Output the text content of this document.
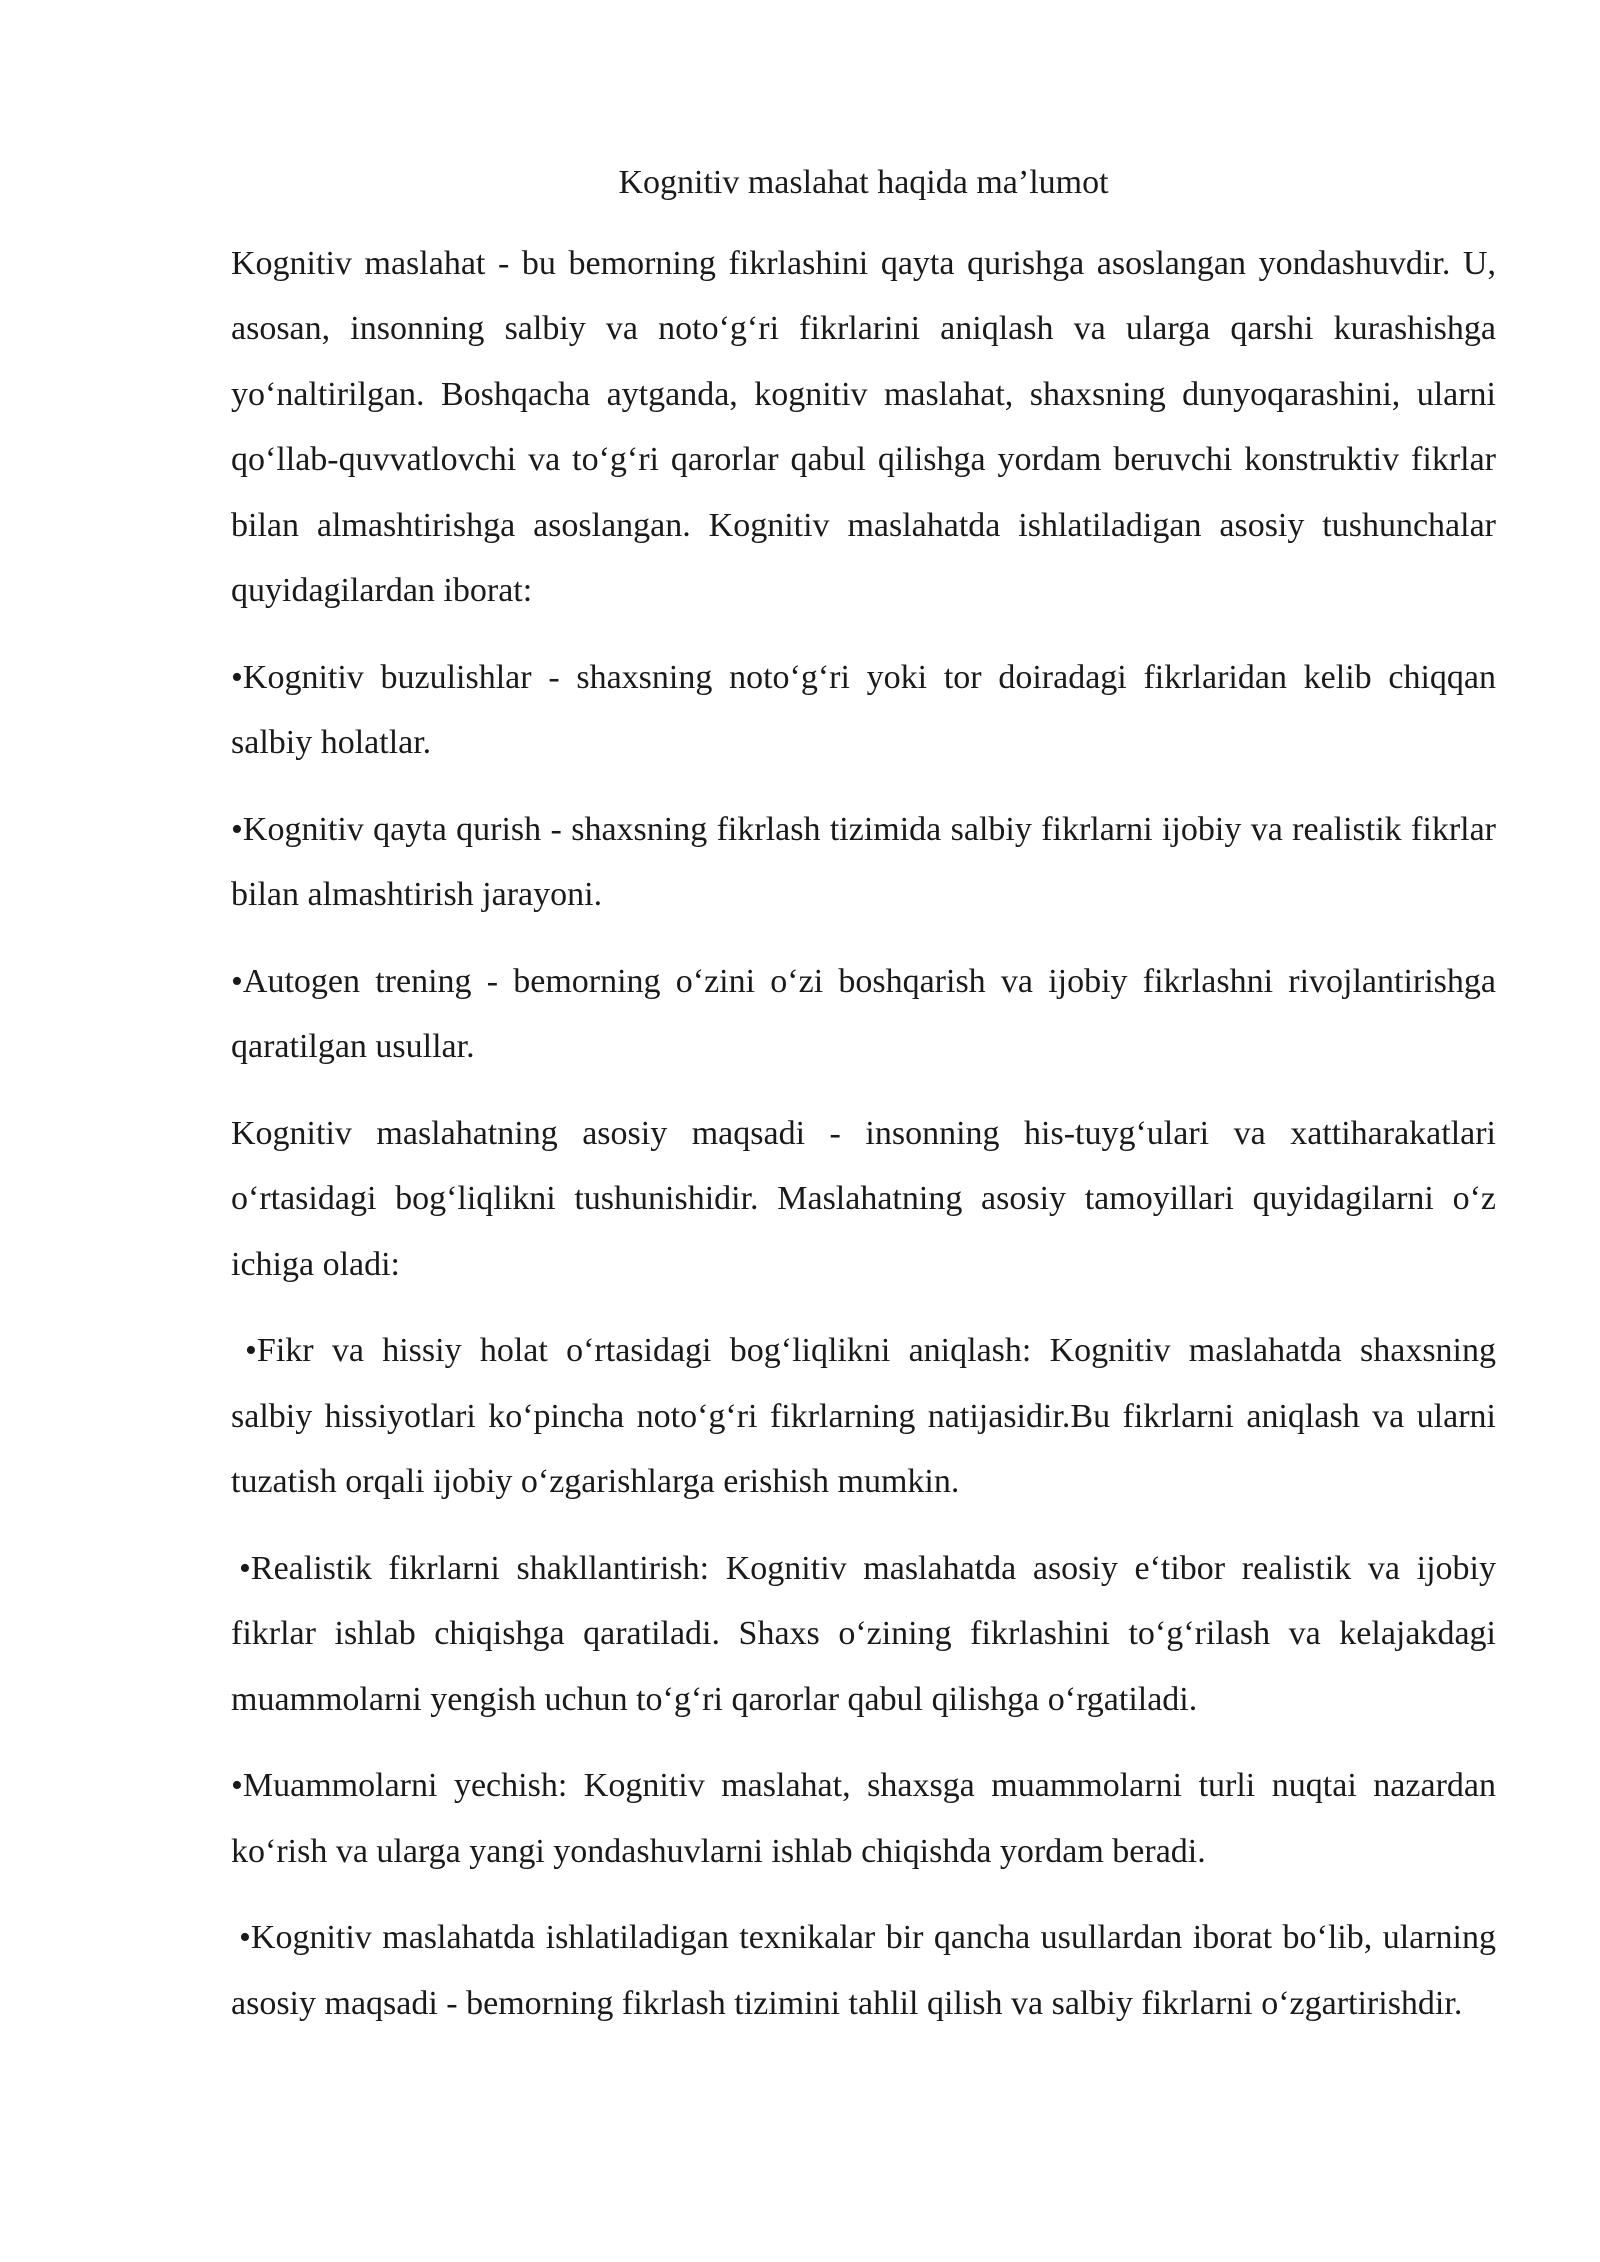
Kognitiv maslahat haqida ma’lumot

Kognitiv maslahat - bu bemorning fikrlashini qayta qurishga asoslangan yondashuvdir. U, asosan, insonning salbiy va noto‘g‘ri fikrlarini aniqlash va ularga qarshi kurashishga yo‘naltirilgan. Boshqacha aytganda, kognitiv maslahat, shaxsning dunyoqarashini, ularni qo‘llab-quvvatlovchi va to‘g‘ri qarorlar qabul qilishga yordam beruvchi konstruktiv fikrlar bilan almashtirishga asoslangan. Kognitiv maslahatda ishlatiladigan asosiy tushunchalar quyidagilardan iborat:

•Kognitiv buzulishlar - shaxsning noto‘g‘ri yoki tor doiradagi fikrlaridan kelib chiqqan salbiy holatlar.

•Kognitiv qayta qurish - shaxsning fikrlash tizimida salbiy fikrlarni ijobiy va realistik fikrlar bilan almashtirish jarayoni.

•Autogen trening - bemorning o‘zini o‘zi boshqarish va ijobiy fikrlashni rivojlantirishga qaratilgan usullar.

Kognitiv maslahatning asosiy maqsadi - insonning his-tuyg‘ulari va xattiharakatlari o‘rtasidagi bog‘liqlikni tushunishidir. Maslahatning asosiy tamoyillari quyidagilarni o‘z ichiga oladi:

•Fikr va hissiy holat o‘rtasidagi bog‘liqlikni aniqlash: Kognitiv maslahatda shaxsning salbiy hissiyotlari ko‘pincha noto‘g‘ri fikrlarning natijasidir.Bu fikrlarni aniqlash va ularni tuzatish orqali ijobiy o‘zgarishlarga erishish mumkin.

•Realistik fikrlarni shakllantirish: Kognitiv maslahatda asosiy e‘tibor realistik va ijobiy fikrlar ishlab chiqishga qaratiladi. Shaxs o‘zining fikrlashini to‘g‘rilash va kelajakdagi muammolarni yengish uchun to‘g‘ri qarorlar qabul qilishga o‘rgatiladi.

•Muammolarni yechish: Kognitiv maslahat, shaxsga muammolarni turli nuqtai nazardan ko‘rish va ularga yangi yondashuvlarni ishlab chiqishda yordam beradi.

•Kognitiv maslahatda ishlatiladigan texnikalar bir qancha usullardan iborat bo‘lib, ularning asosiy maqsadi - bemorning fikrlash tizimini tahlil qilish va salbiy fikrlarni o‘zgartirishdir.
